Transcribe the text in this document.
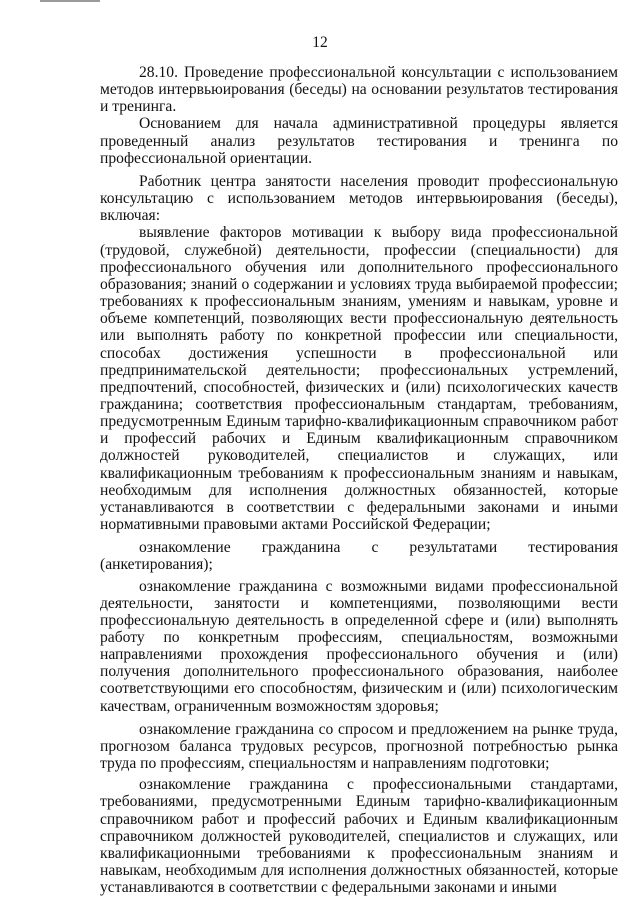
12

28.10. Проведение профессиональной консультации с использованием методов интервьюирования (беседы) на основании результатов тестирования и тренинга.

Основанием для начала административной процедуры является проведенный анализ результатов тестирования и тренинга по профессиональной ориентации.

Работник центра занятости населения проводит профессиональную консультацию с использованием методов интервьюирования (беседы), включая:

выявление факторов мотивации к выбору вида профессиональной (трудовой, служебной) деятельности, профессии (специальности) для профессионального обучения или дополнительного профессионального образования; знаний о содержании и условиях труда выбираемой профессии; требованиях к профессиональным знаниям, умениям и навыкам, уровне и объеме компетенций, позволяющих вести профессиональную деятельность или выполнять работу по конкретной профессии или специальности, способах достижения успешности в профессиональной или предпринимательской деятельности; профессиональных устремлений, предпочтений, способностей, физических и (или) психологических качеств гражданина; соответствия профессиональным стандартам, требованиям, предусмотренным Единым тарифно-квалификационным справочником работ и профессий рабочих и Единым квалификационным справочником должностей руководителей, специалистов и служащих, или квалификационным требованиям к профессиональным знаниям и навыкам, необходимым для исполнения должностных обязанностей, которые устанавливаются в соответствии с федеральными законами и иными нормативными правовыми актами Российской Федерации;

ознакомление гражданина с результатами тестирования (анкетирования);

ознакомление гражданина с возможными видами профессиональной деятельности, занятости и компетенциями, позволяющими вести профессиональную деятельность в определенной сфере и (или) выполнять работу по конкретным профессиям, специальностям, возможными направлениями прохождения профессионального обучения и (или) получения дополнительного профессионального образования, наиболее соответствующими его способностям, физическим и (или) психологическим качествам, ограниченным возможностям здоровья;

ознакомление гражданина со спросом и предложением на рынке труда, прогнозом баланса трудовых ресурсов, прогнозной потребностью рынка труда по профессиям, специальностям и направлениям подготовки;

ознакомление гражданина с профессиональными стандартами, требованиями, предусмотренными Единым тарифно-квалификационным справочником работ и профессий рабочих и Единым квалификационным справочником должностей руководителей, специалистов и служащих, или квалификационными требованиями к профессиональным знаниям и навыкам, необходимым для исполнения должностных обязанностей, которые устанавливаются в соответствии с федеральными законами и иными
